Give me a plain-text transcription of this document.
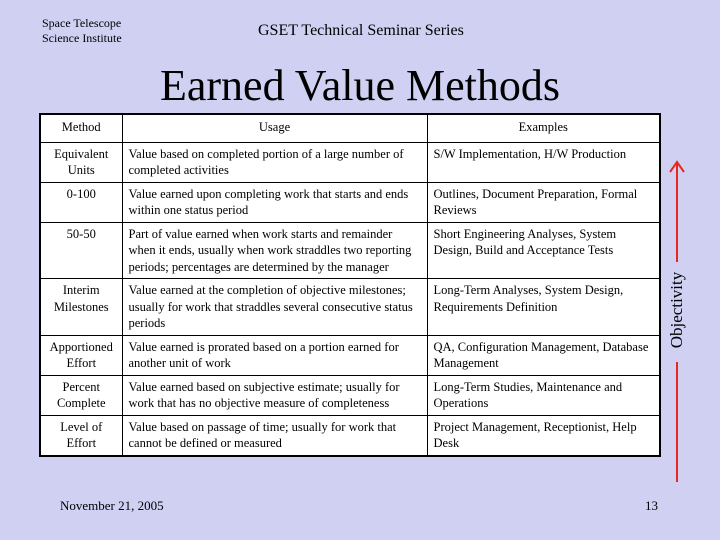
Space Telescope
Science Institute	GSET Technical Seminar Series
Earned Value Methods
Method	Usage	Examples
Equivalent Units	Value based on completed portion of a large number of completed activities	S/W Implementation, H/W Production
0-100	Value earned upon completing work that starts and ends within one status period	Outlines, Document Preparation, Formal Reviews
50-50	Part of value earned when work starts and remainder when it ends, usually when work straddles two reporting periods; percentages are determined by the manager	Short Engineering Analyses, System Design, Build and Acceptance Tests
Interim Milestones	Value earned at the completion of objective milestones; usually for work that straddles several consecutive status periods	Long-Term Analyses, System Design, Requirements Definition
Apportioned Effort	Value earned is prorated based on a portion earned for another unit of work	QA, Configuration Management, Database Management
Percent Complete	Value earned based on subjective estimate; usually for work that has no objective measure of completeness	Long-Term Studies, Maintenance and Operations
Level of Effort	Value based on passage of time; usually for work that cannot be defined or measured	Project Management, Receptionist, Help Desk
Objectivity
November 21, 2005	13
